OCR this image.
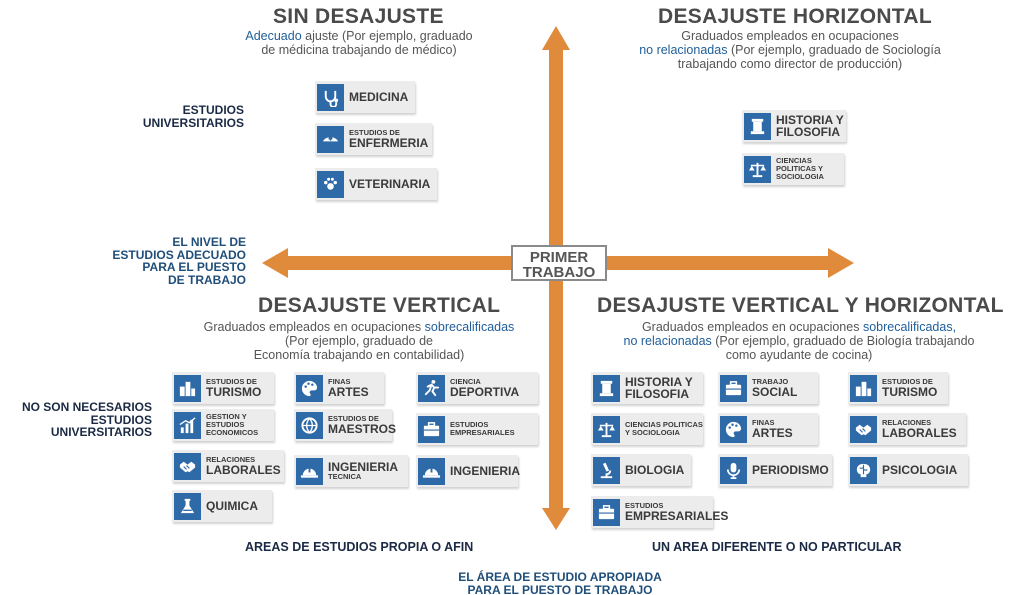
PRIMER
TRABAJO
SIN DESAJUSTE
Adecuado ajuste (Por ejemplo, graduado
de médicina trabajando de médico)
DESAJUSTE HORIZONTAL
Graduados empleados en ocupaciones
no relacionadas (Por ejemplo, graduado de Sociología
trabajando como director de producción)
DESAJUSTE VERTICAL
Graduados empleados en ocupaciones sobrecalificadas
(Por ejemplo, graduado de
Economía trabajando en contabilidad)
DESAJUSTE VERTICAL Y HORIZONTAL
Graduados empleados en ocupaciones sobrecalificadas,
no relacionadas (Por ejemplo, graduado de Biología trabajando
como ayudante de cocina)
ESTUDIOS
UNIVERSITARIOS
NO SON NECESARIOS
ESTUDIOS
UNIVERSITARIOS
EL NIVEL DE
ESTUDIOS ADECUADO
PARA EL PUESTO
DE TRABAJO
AREAS DE ESTUDIOS PROPIA O AFIN	UN AREA DIFERENTE O NO PARTICULAR
EL ÁREA DE ESTUDIO APROPIADA
PARA EL PUESTO DE TRABAJO
MEDICINA
ESTUDIOS DE
ENFERMERIA
VETERINARIA
HISTORIA Y FILOSOFIA
CIENCIAS POLITICAS Y SOCIOLOGIA
ESTUDIOS DE
TURISMO
FINAS
ARTES
CIENCIA
DEPORTIVA
GESTION Y ESTUDIOS ECONOMICOS
ESTUDIOS DE
MAESTROS	ESTUDIOS EMPRESARIALES
RELACIONES
LABORALES	INGENIERIA
TECNICA	INGENIERIA
QUIMICA
HISTORIA Y FILOSOFIA
TRABAJO
SOCIAL
ESTUDIOS DE
TURISMO
CIENCIAS POLITICAS Y SOCIOLOGIA
FINAS
ARTES
RELACIONES
LABORALES
BIOLOGIA	PERIODISMO	PSICOLOGIA
ESTUDIOS
EMPRESARIALES
